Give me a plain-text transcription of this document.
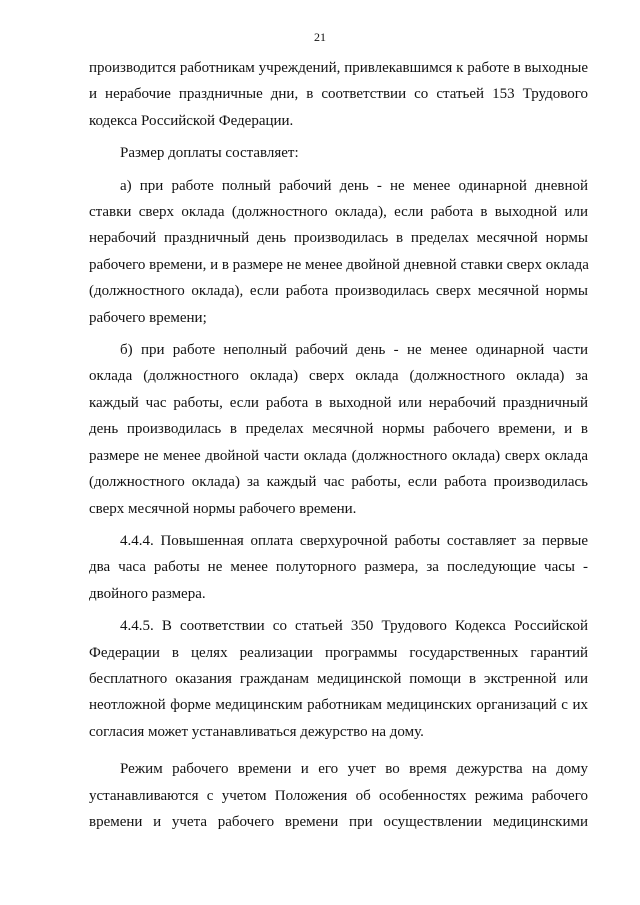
21

производится работникам учреждений, привлекавшимся к работе в выходные
и нерабочие праздничные дни, в соответствии со статьей 153 Трудового
кодекса Российской Федерации.

Размер доплаты составляет:

а) при работе полный рабочий день - не менее одинарной дневной
ставки сверх оклада (должностного оклада), если работа в выходной или
нерабочий праздничный день производилась в пределах месячной нормы
рабочего времени, и в размере не менее двойной дневной ставки сверх оклада
(должностного оклада), если работа производилась сверх месячной нормы
рабочего времени;

б) при работе неполный рабочий день - не менее одинарной части
оклада (должностного оклада) сверх оклада (должностного оклада) за
каждый час работы, если работа в выходной или нерабочий праздничный
день производилась в пределах месячной нормы рабочего времени, и в
размере не менее двойной части оклада (должностного оклада) сверх оклада
(должностного оклада) за каждый час работы, если работа производилась
сверх месячной нормы рабочего времени.

4.4.4. Повышенная оплата сверхурочной работы составляет за первые
два часа работы не менее полуторного размера, за последующие часы -
двойного размера.

4.4.5. В соответствии со статьей 350 Трудового Кодекса Российской
Федерации в целях реализации программы государственных гарантий
бесплатного оказания гражданам медицинской помощи в экстренной или
неотложной форме медицинским работникам медицинских организаций с их
согласия может устанавливаться дежурство на дому.

Режим рабочего времени и его учет во время дежурства на дому
устанавливаются с учетом Положения об особенностях режима рабочего
времени и учета рабочего времени при осуществлении медицинскими
